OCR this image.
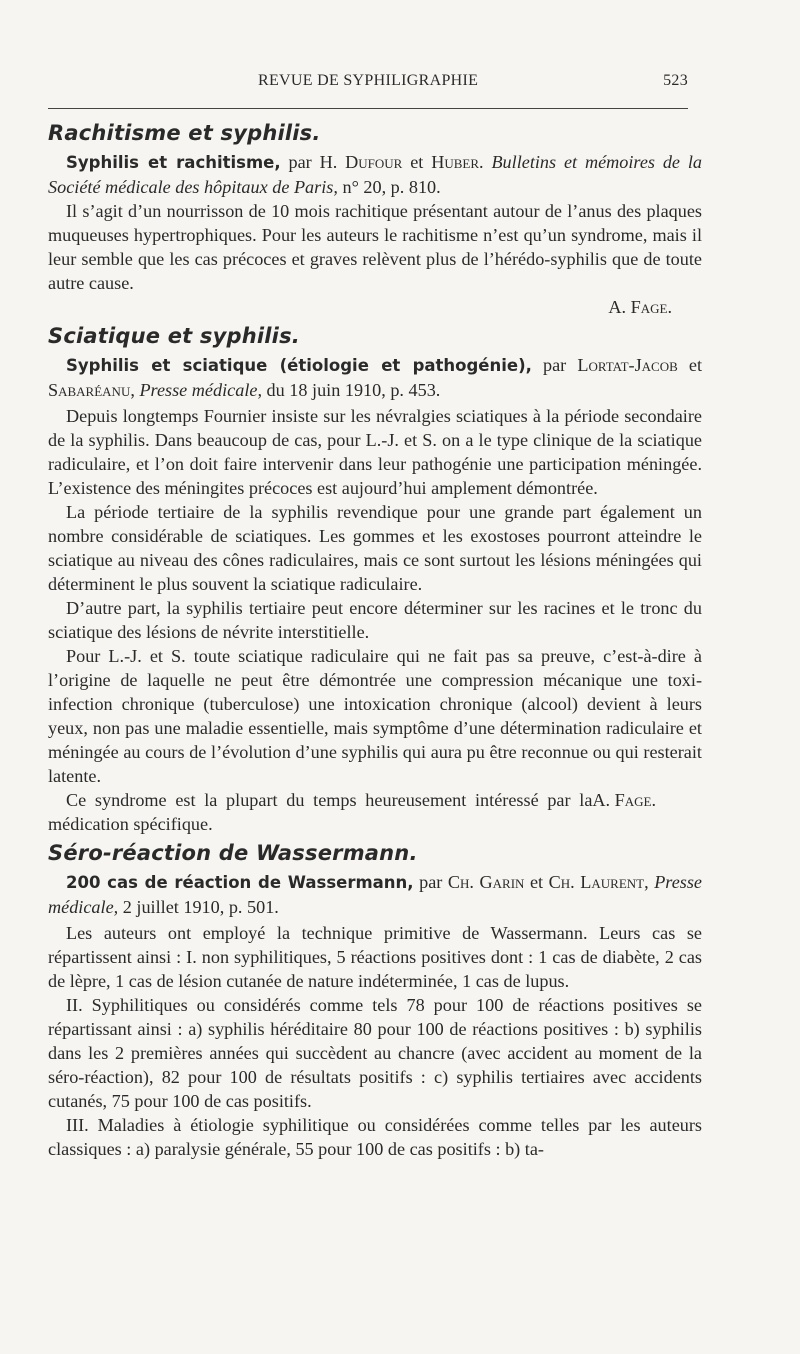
REVUE DE SYPHILIGRAPHIE	523
Rachitisme et syphilis.

Syphilis et rachitisme, par H. Dufour et Huber. Bulletins et mémoires de la Société médicale des hôpitaux de Paris, n° 20, p. 810.

Il s’agit d’un nourrisson de 10 mois rachitique présentant autour de l’anus des plaques muqueuses hypertrophiques. Pour les auteurs le rachitisme n’est qu’un syndrome, mais il leur semble que les cas précoces et graves relèvent plus de l’hérédo-syphilis que de toute autre cause.

A. Fage.

Sciatique et syphilis.

Syphilis et sciatique (étiologie et pathogénie), par Lortat-Jacob et Sabaréanu, Presse médicale, du 18 juin 1910, p. 453.

Depuis longtemps Fournier insiste sur les névralgies sciatiques à la période secondaire de la syphilis. Dans beaucoup de cas, pour L.-J. et S. on a le type clinique de la sciatique radiculaire, et l’on doit faire intervenir dans leur pathogénie une participation méningée. L’existence des méningites précoces est aujourd’hui amplement démontrée.

La période tertiaire de la syphilis revendique pour une grande part également un nombre considérable de sciatiques. Les gommes et les exostoses pourront atteindre le sciatique au niveau des cônes radiculaires, mais ce sont surtout les lésions méningées qui déterminent le plus souvent la sciatique radiculaire.

D’autre part, la syphilis tertiaire peut encore déterminer sur les racines et le tronc du sciatique des lésions de névrite interstitielle.

Pour L.-J. et S. toute sciatique radiculaire qui ne fait pas sa preuve, c’est-à-dire à l’origine de laquelle ne peut être démontrée une compression mécanique une toxi-infection chronique (tuberculose) une intoxication chronique (alcool) devient à leurs yeux, non pas une maladie essentielle, mais symptôme d’une détermination radiculaire et méningée au cours de l’évolution d’une syphilis qui aura pu être reconnue ou qui resterait latente.

A. Fage.
Ce syndrome est la plupart du temps heureusement intéressé par la médication spécifique.

Séro-réaction de Wassermann.

200 cas de réaction de Wassermann, par Ch. Garin et Ch. Laurent, Presse médicale, 2 juillet 1910, p. 501.

Les auteurs ont employé la technique primitive de Wassermann. Leurs cas se répartissent ainsi : I. non syphilitiques, 5 réactions positives dont : 1 cas de diabète, 2 cas de lèpre, 1 cas de lésion cutanée de nature indéterminée, 1 cas de lupus.

II. Syphilitiques ou considérés comme tels 78 pour 100 de réactions positives se répartissant ainsi : a) syphilis héréditaire 80 pour 100 de réactions positives : b) syphilis dans les 2 premières années qui succèdent au chancre (avec accident au moment de la séro-réaction), 82 pour 100 de résultats positifs : c) syphilis tertiaires avec accidents cutanés, 75 pour 100 de cas positifs.

III. Maladies à étiologie syphilitique ou considérées comme telles par les auteurs classiques : a) paralysie générale, 55 pour 100 de cas positifs : b) ta-
